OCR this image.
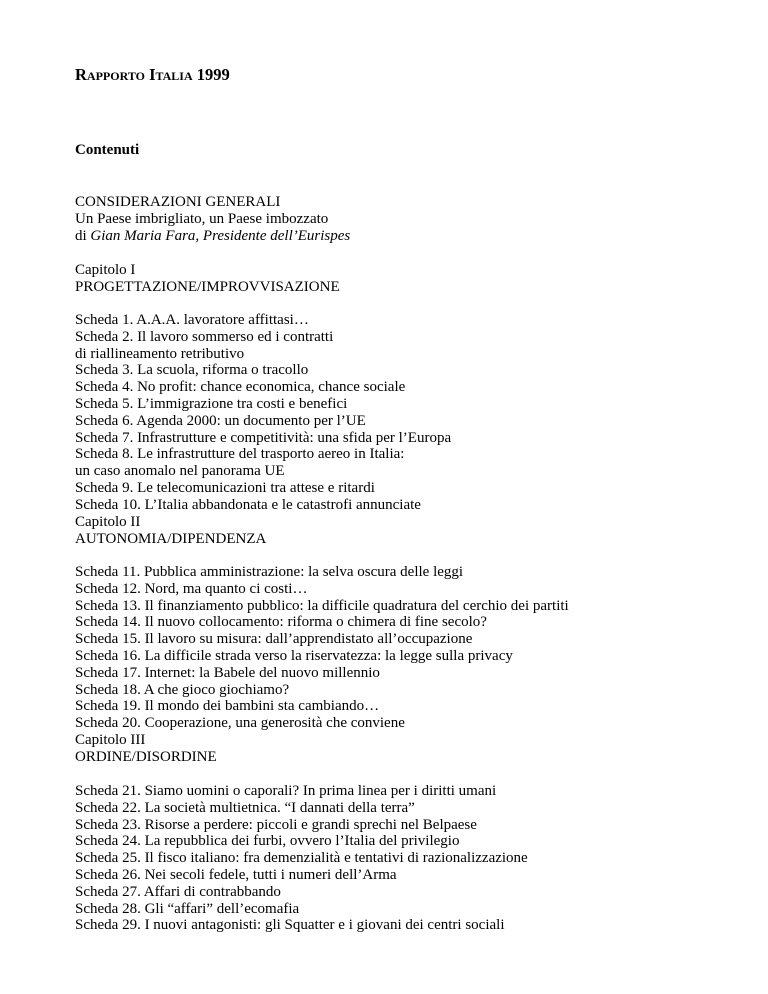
Rapporto Italia 1999

Contenuti

CONSIDERAZIONI GENERALI
Un Paese imbrigliato, un Paese imbozzato
di Gian Maria Fara, Presidente dell’Eurispes
Capitolo I
PROGETTAZIONE/IMPROVVISAZIONE
Scheda 1. A.A.A. lavoratore affittasi…
Scheda 2. Il lavoro sommerso ed i contratti
di riallineamento retributivo
Scheda 3. La scuola, riforma o tracollo
Scheda 4. No profit: chance economica, chance sociale
Scheda 5. L’immigrazione tra costi e benefici
Scheda 6. Agenda 2000: un documento per l’UE
Scheda 7. Infrastrutture e competitività: una sfida per l’Europa
Scheda 8. Le infrastrutture del trasporto aereo in Italia:
un caso anomalo nel panorama UE
Scheda 9. Le telecomunicazioni tra attese e ritardi
Scheda 10. L’Italia abbandonata e le catastrofi annunciate
Capitolo II
AUTONOMIA/DIPENDENZA
Scheda 11. Pubblica amministrazione: la selva oscura delle leggi
Scheda 12. Nord, ma quanto ci costi…
Scheda 13. Il finanziamento pubblico: la difficile quadratura del cerchio dei partiti
Scheda 14. Il nuovo collocamento: riforma o chimera di fine secolo?
Scheda 15. Il lavoro su misura: dall’apprendistato all’occupazione
Scheda 16. La difficile strada verso la riservatezza: la legge sulla privacy
Scheda 17. Internet: la Babele del nuovo millennio
Scheda 18. A che gioco giochiamo?
Scheda 19. Il mondo dei bambini sta cambiando…
Scheda 20. Cooperazione, una generosità che conviene
Capitolo III
ORDINE/DISORDINE
Scheda 21. Siamo uomini o caporali? In prima linea per i diritti umani
Scheda 22. La società multietnica. “I dannati della terra”
Scheda 23. Risorse a perdere: piccoli e grandi sprechi nel Belpaese
Scheda 24. La repubblica dei furbi, ovvero l’Italia del privilegio
Scheda 25. Il fisco italiano: fra demenzialità e tentativi di razionalizzazione
Scheda 26. Nei secoli fedele, tutti i numeri dell’Arma
Scheda 27. Affari di contrabbando
Scheda 28. Gli “affari” dell’ecomafia
Scheda 29. I nuovi antagonisti: gli Squatter e i giovani dei centri sociali
